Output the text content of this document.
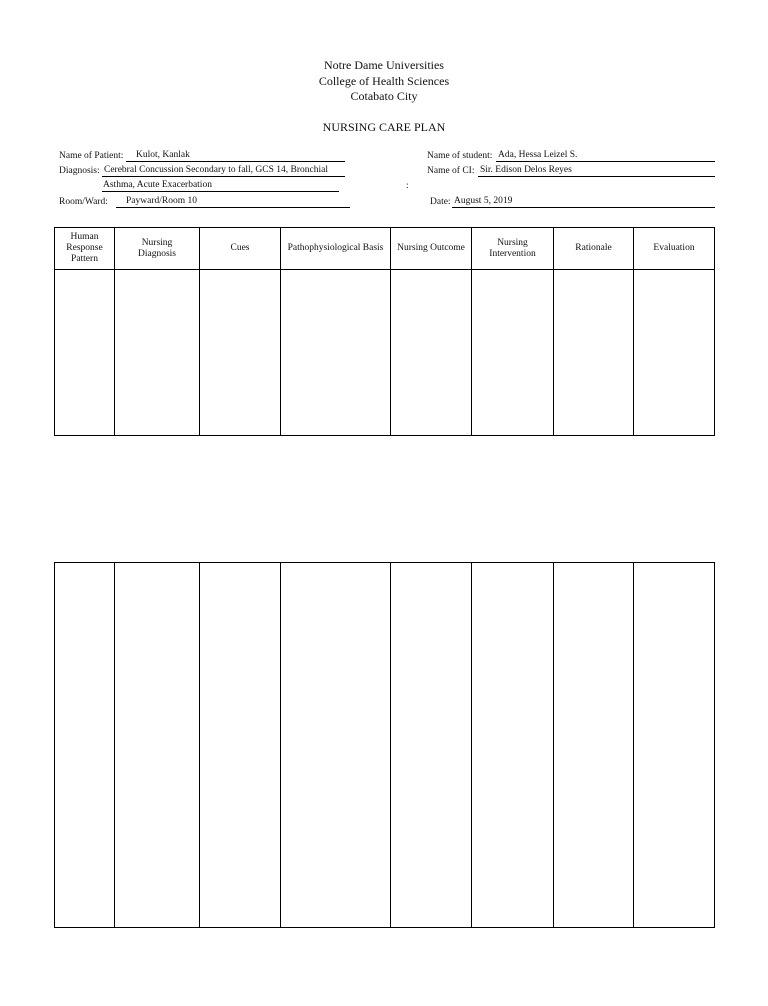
Notre Dame Universities
College of Health Sciences
Cotabato City
NURSING CARE PLAN
Name of Patient:	Kulot, Kanlak
Diagnosis: Cerebral Concussion Secondary to fall, GCS 14, Bronchial
Asthma, Acute Exacerbation
Room/Ward:	Payward/Room 10
Name of student: Ada, Hessa Leizel S.
Name of CI: Sir. Edison Delos Reyes
:
Date: August 5, 2019
Human Response Pattern	Nursing Diagnosis	Cues	Pathophysiological Basis	Nursing Outcome	Nursing Intervention	Rationale	Evaluation
